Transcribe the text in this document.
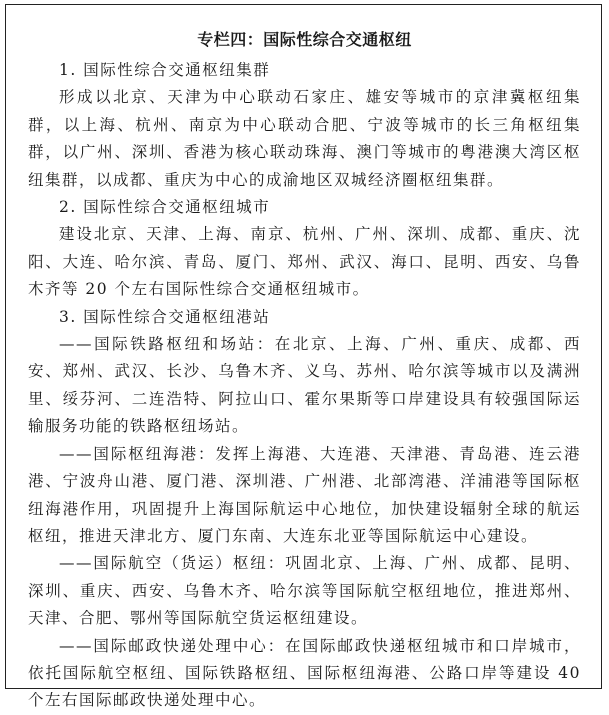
专栏四：国际性综合交通枢纽

1. 国际性综合交通枢纽集群

形成以北京、天津为中心联动石家庄、雄安等城市的京津冀枢纽集群，以上海、杭州、南京为中心联动合肥、宁波等城市的长三角枢纽集群，以广州、深圳、香港为核心联动珠海、澳门等城市的粤港澳大湾区枢纽集群，以成都、重庆为中心的成渝地区双城经济圈枢纽集群。

2. 国际性综合交通枢纽城市

建设北京、天津、上海、南京、杭州、广州、深圳、成都、重庆、沈阳、大连、哈尔滨、青岛、厦门、郑州、武汉、海口、昆明、西安、乌鲁木齐等 20 个左右国际性综合交通枢纽城市。

3. 国际性综合交通枢纽港站

——国际铁路枢纽和场站：在北京、上海、广州、重庆、成都、西安、郑州、武汉、长沙、乌鲁木齐、义乌、苏州、哈尔滨等城市以及满洲里、绥芬河、二连浩特、阿拉山口、霍尔果斯等口岸建设具有较强国际运输服务功能的铁路枢纽场站。

——国际枢纽海港：发挥上海港、大连港、天津港、青岛港、连云港港、宁波舟山港、厦门港、深圳港、广州港、北部湾港、洋浦港等国际枢纽海港作用，巩固提升上海国际航运中心地位，加快建设辐射全球的航运枢纽，推进天津北方、厦门东南、大连东北亚等国际航运中心建设。

——国际航空（货运）枢纽：巩固北京、上海、广州、成都、昆明、深圳、重庆、西安、乌鲁木齐、哈尔滨等国际航空枢纽地位，推进郑州、天津、合肥、鄂州等国际航空货运枢纽建设。

——国际邮政快递处理中心：在国际邮政快递枢纽城市和口岸城市，依托国际航空枢纽、国际铁路枢纽、国际枢纽海港、公路口岸等建设 40 个左右国际邮政快递处理中心。
